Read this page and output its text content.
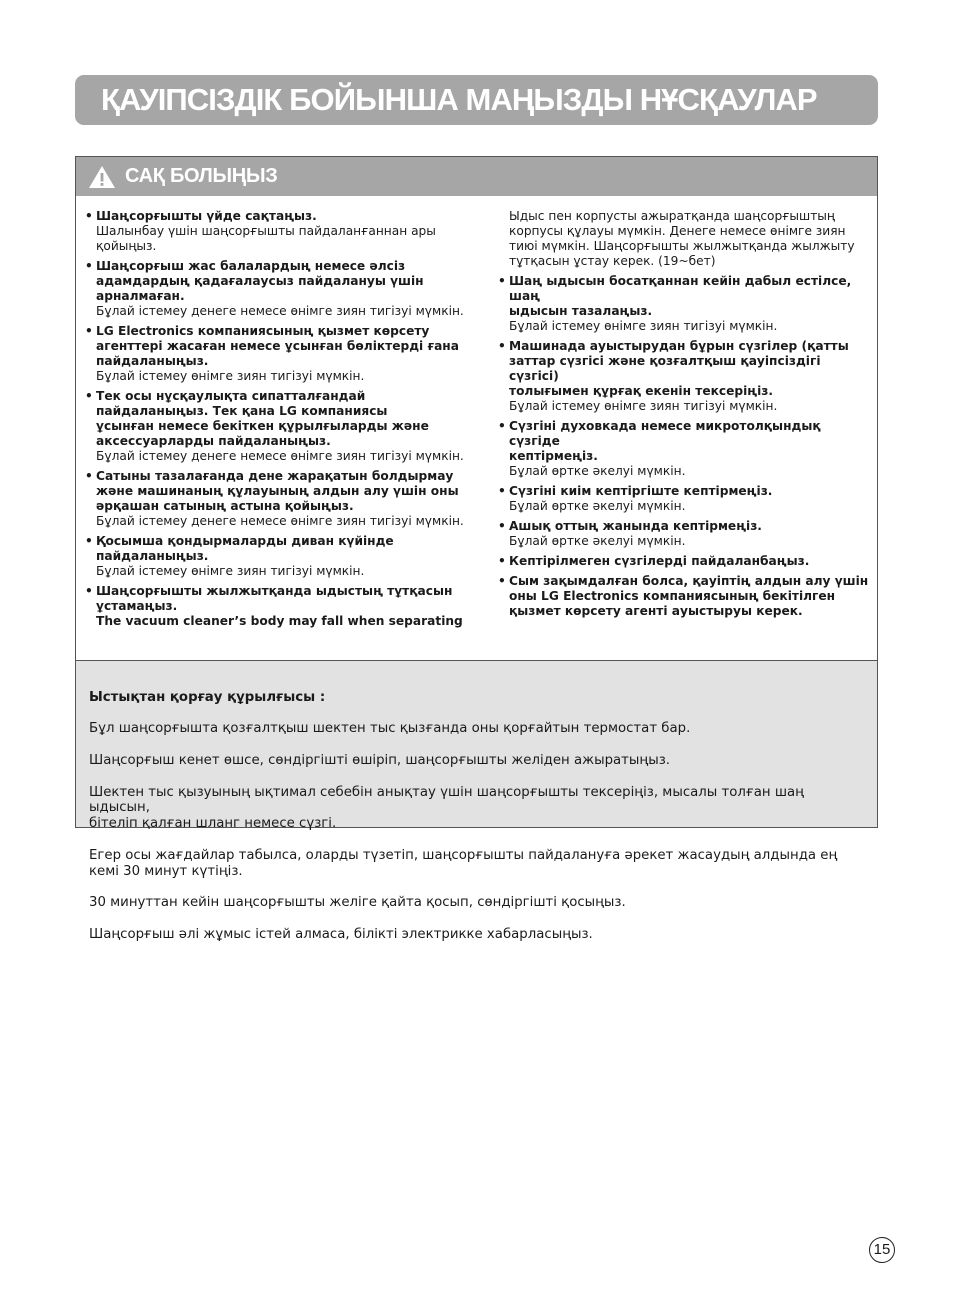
ҚАУІПСІЗДІК БОЙЫНША МАҢЫЗДЫ НҰСҚАУЛАР
САҚ БОЛЫҢЫЗ
• Шаңсорғышты үйде сақтаңыз.
Шалынбау үшін шаңсорғышты пайдаланғаннан ары
қойыңыз.
• Шаңсорғыш жас балалардың немесе әлсіз
адамдардың қадағалаусыз пайдалануы үшін
арналмаған.
Бұлай істемеу денеге немесе өнімге зиян тигізуі мүмкін.
• LG Electronics компаниясының қызмет көрсету
агенттері жасаған немесе ұсынған бөліктерді ғана
пайдаланыңыз.
Бұлай істемеу өнімге зиян тигізуі мүмкін.
• Тек осы нұсқаулықта сипатталғандай
пайдаланыңыз. Тек қана LG компаниясы
ұсынған немесе бекіткен құрылғыларды және
аксессуарларды пайдаланыңыз.
Бұлай істемеу денеге немесе өнімге зиян тигізуі мүмкін.
• Сатыны тазалағанда дене жарақатын болдырмау
және машинаның құлауының алдын алу үшін оны
әрқашан сатының астына қойыңыз.
Бұлай істемеу денеге немесе өнімге зиян тигізуі мүмкін.
• Қосымша қондырмаларды диван күйінде
пайдаланыңыз.
Бұлай істемеу өнімге зиян тигізуі мүмкін.
• Шаңсорғышты жылжытқанда ыдыстың тұтқасын
ұстамаңыз.
The vacuum cleaner’s body may fall when separating
Ыдыс пен корпусты ажыратқанда шаңсорғыштың
корпусы құлауы мүмкін. Денеге немесе өнімге зиян
тиюі мүмкін. Шаңсорғышты жылжытқанда жылжыту
тұтқасын ұстау керек. (19~бет)
• Шаң ыдысын босатқаннан кейін дабыл естілсе, шаң
ыдысын тазалаңыз.
Бұлай істемеу өнімге зиян тигізуі мүмкін.
• Машинада ауыстырудан бұрын сүзгілер (қатты
заттар сүзгісі және қозғалтқыш қауіпсіздігі сүзгісі)
толығымен құрғақ екенін тексеріңіз.
Бұлай істемеу өнімге зиян тигізуі мүмкін.
• Сүзгіні духовкада немесе микротолқындық сүзгіде
кептірмеңіз.
Бұлай өртке әкелуі мүмкін.
• Сүзгіні киім кептіргіште кептірмеңіз.
Бұлай өртке әкелуі мүмкін.
• Ашық оттың жанында кептірмеңіз.
Бұлай өртке әкелуі мүмкін.
• Кептірілмеген сүзгілерді пайдаланбаңыз.
• Сым зақымдалған болса, қауіптің алдын алу үшін
оны LG Electronics компаниясының бекітілген
қызмет көрсету агенті ауыстыруы керек.

Ыстықтан қорғау құрылғысы :

Бұл шаңсорғышта қозғалтқыш шектен тыс қызғанда оны қорғайтын термостат бар.

Шаңсорғыш кенет өшсе, сөндіргішті өшіріп, шаңсорғышты желіден ажыратыңыз.

Шектен тыс қызуының ықтимал себебін анықтау үшін шаңсорғышты тексеріңіз, мысалы толған шаң ыдысын,
бітеліп қалған шланг немесе сүзгі.

Егер осы жағдайлар табылса, оларды түзетіп, шаңсорғышты пайдалануға әрекет жасаудың алдында ең
кемі 30 минут күтіңіз.

30 минуттан кейін шаңсорғышты желіге қайта қосып, сөндіргішті қосыңыз.

Шаңсорғыш әлі жұмыс істей алмаса, білікті электрикке хабарласыңыз.

15
